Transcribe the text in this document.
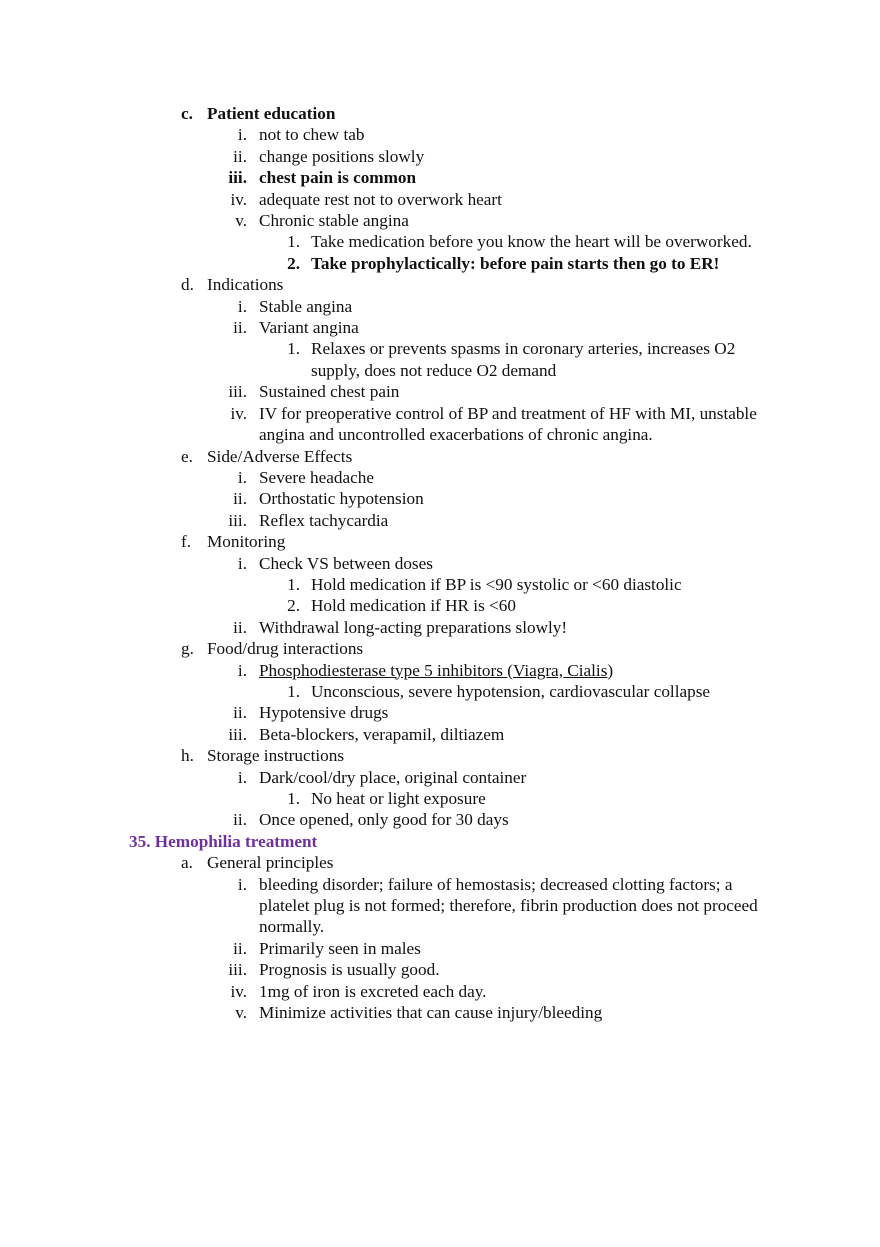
c. Patient education
i. not to chew tab
ii. change positions slowly
iii. chest pain is common
iv. adequate rest not to overwork heart
v. Chronic stable angina
1. Take medication before you know the heart will be overworked.
2. Take prophylactically: before pain starts then go to ER!
d. Indications
i. Stable angina
ii. Variant angina
1. Relaxes or prevents spasms in coronary arteries, increases O2 supply, does not reduce O2 demand
iii. Sustained chest pain
iv. IV for preoperative control of BP and treatment of HF with MI, unstable angina and uncontrolled exacerbations of chronic angina.
e. Side/Adverse Effects
i. Severe headache
ii. Orthostatic hypotension
iii. Reflex tachycardia
f. Monitoring
i. Check VS between doses
1. Hold medication if BP is <90 systolic or <60 diastolic
2. Hold medication if HR is <60
ii. Withdrawal long-acting preparations slowly!
g. Food/drug interactions
i. Phosphodiesterase type 5 inhibitors (Viagra, Cialis)
1. Unconscious, severe hypotension, cardiovascular collapse
ii. Hypotensive drugs
iii. Beta-blockers, verapamil, diltiazem
h. Storage instructions
i. Dark/cool/dry place, original container
1. No heat or light exposure
ii. Once opened, only good for 30 days
35. Hemophilia treatment
a. General principles
i. bleeding disorder; failure of hemostasis; decreased clotting factors; a platelet plug is not formed; therefore, fibrin production does not proceed normally.
ii. Primarily seen in males
iii. Prognosis is usually good.
iv. 1mg of iron is excreted each day.
v. Minimize activities that can cause injury/bleeding
